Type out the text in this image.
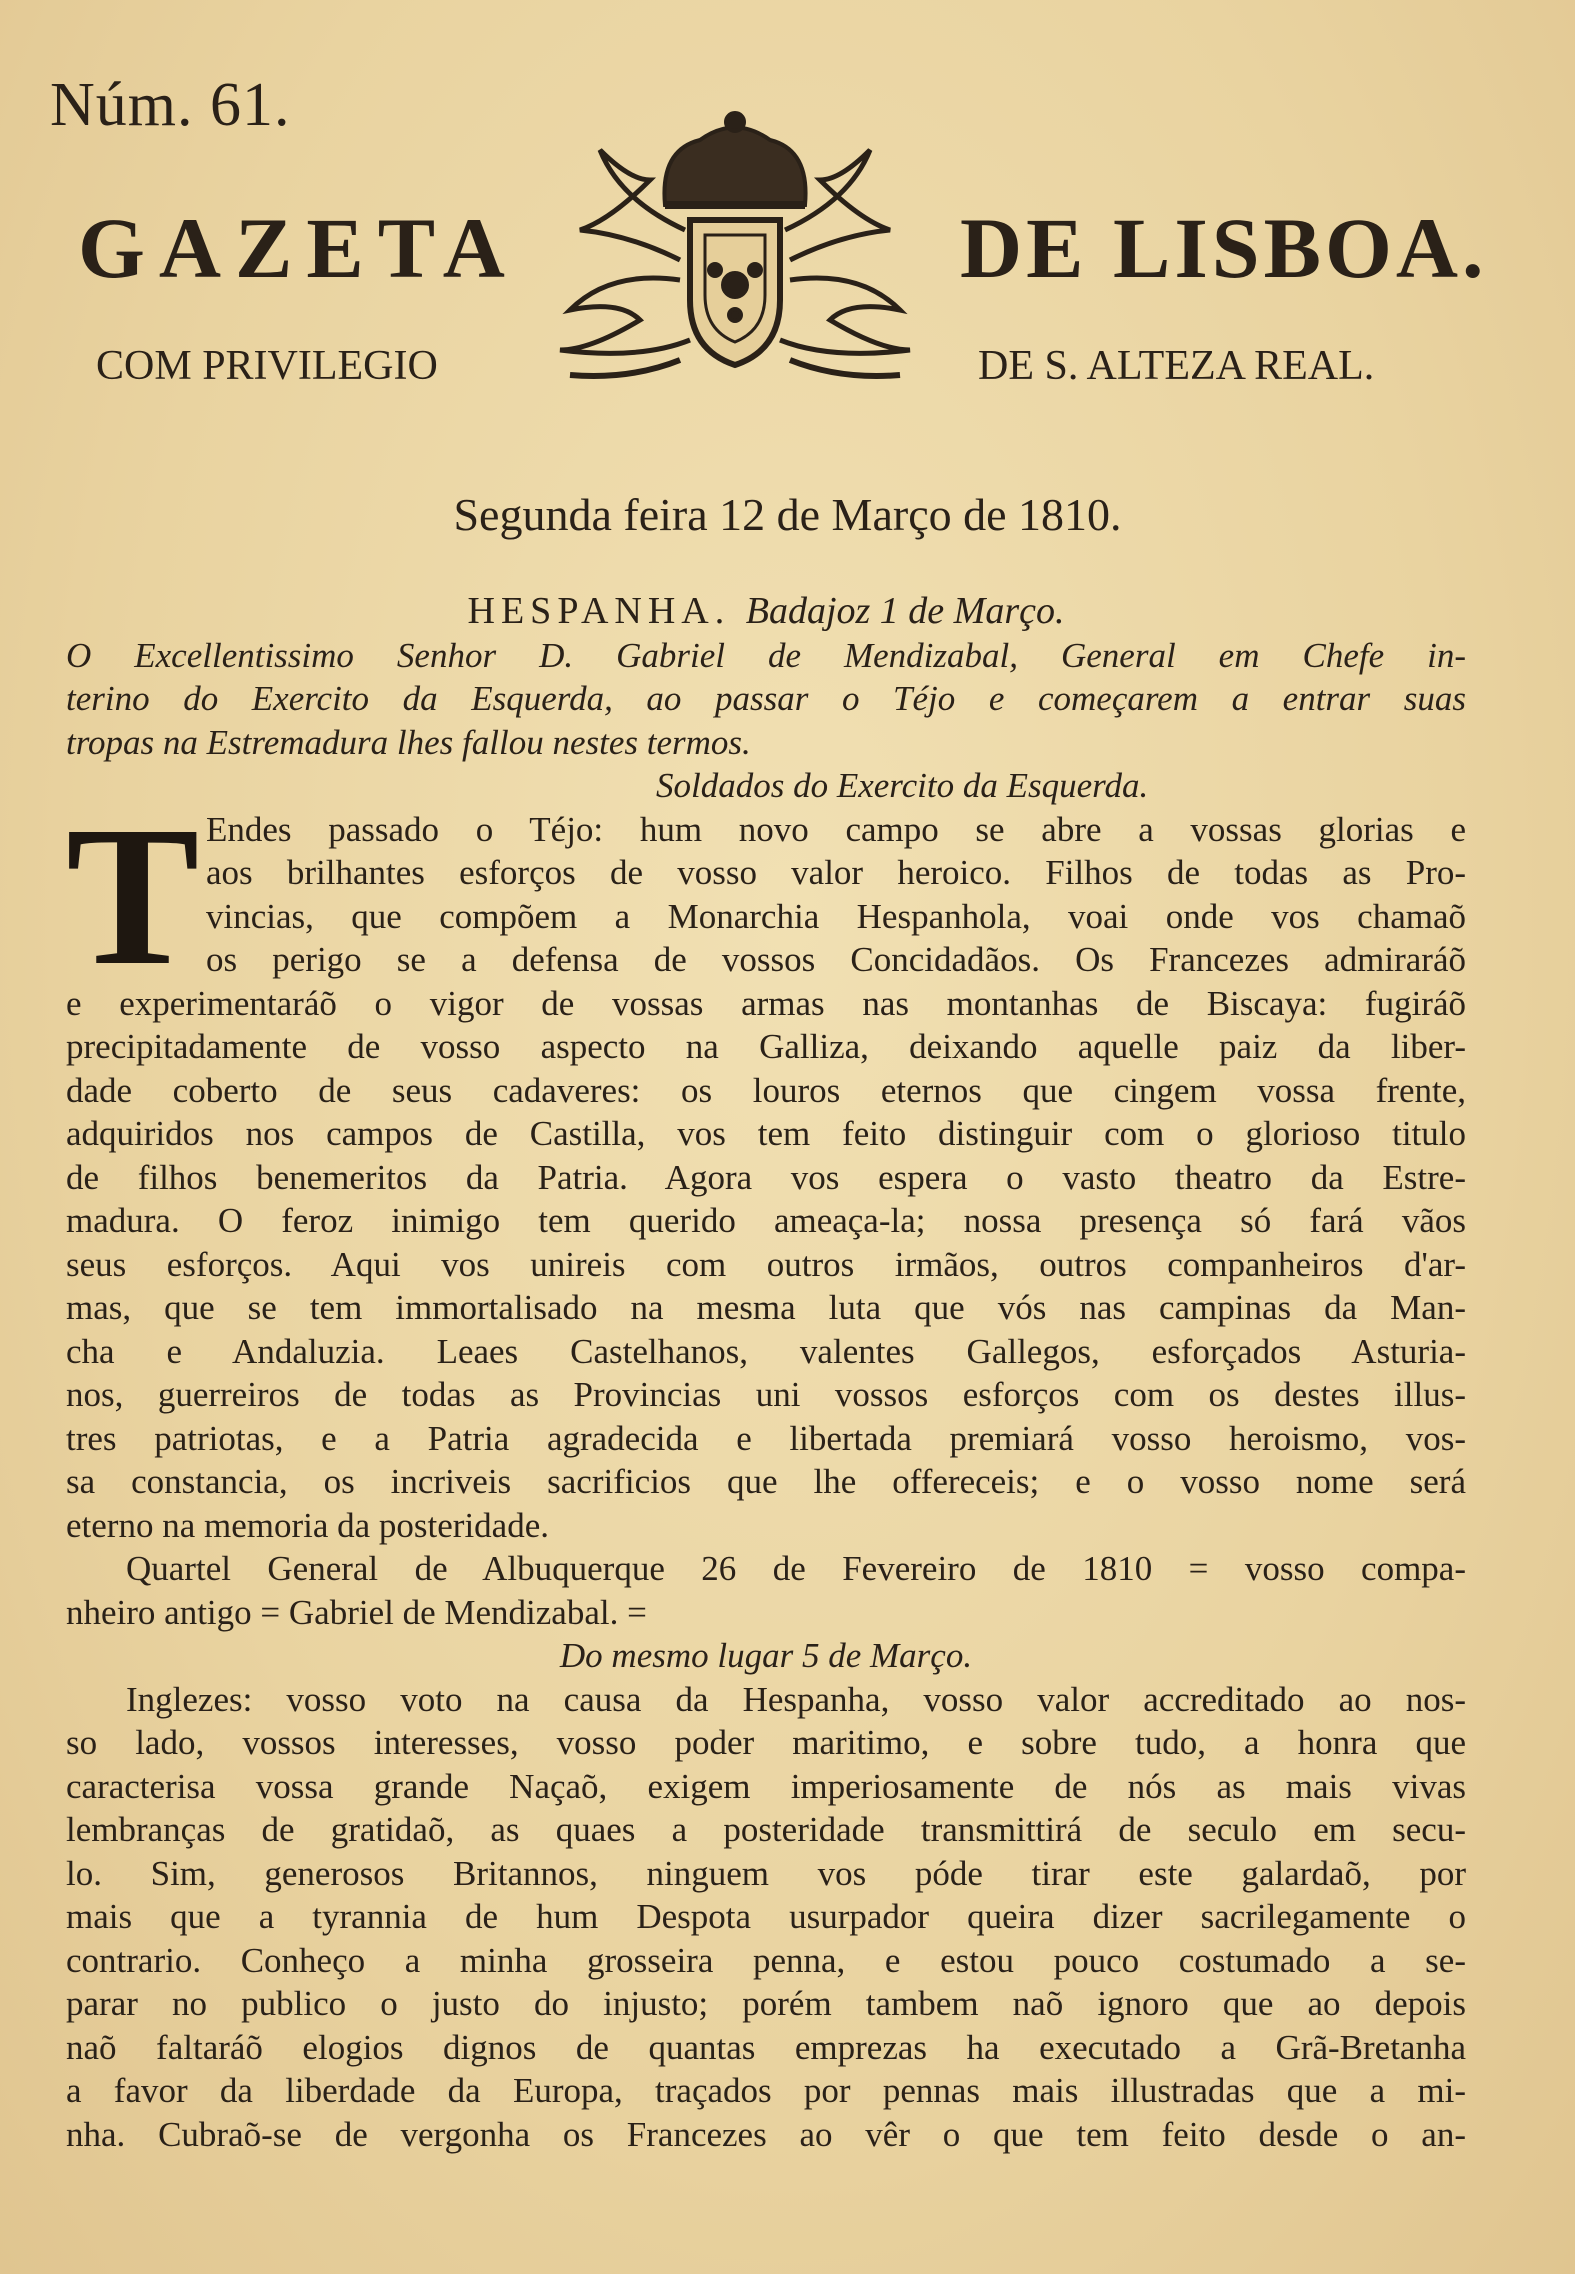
Núm. 61.
GAZETA	DE LISBOA.
COM PRIVILEGIO	DE S. ALTEZA REAL.
Segunda feira 12 de Março de 1810.
HESPANHA. Badajoz 1 de Março.
O Excellentissimo Senhor D. Gabriel de Mendizabal, General em Chefe in-
terino do Exercito da Esquerda, ao passar o Téjo e começarem a entrar suas
tropas na Estremadura lhes fallou nestes termos.
Soldados do Exercito da Esquerda.
T Endes passado o Téjo: hum novo campo se abre a vossas glorias e
aos brilhantes esforços de vosso valor heroico. Filhos de todas as Pro-
vincias, que compõem a Monarchia Hespanhola, voai onde vos chamaõ
os perigo se a defensa de vossos Concidadãos. Os Francezes admiraráõ
e experimentaráõ o vigor de vossas armas nas montanhas de Biscaya: fugiráõ
precipitadamente de vosso aspecto na Galliza, deixando aquelle paiz da liber-
dade coberto de seus cadaveres: os louros eternos que cingem vossa frente,
adquiridos nos campos de Castilla, vos tem feito distinguir com o glorioso titulo
de filhos benemeritos da Patria. Agora vos espera o vasto theatro da Estre-
madura. O feroz inimigo tem querido ameaça-la; nossa presença só fará vãos
seus esforços. Aqui vos unireis com outros irmãos, outros companheiros d'ar-
mas, que se tem immortalisado na mesma luta que vós nas campinas da Man-
cha e Andaluzia. Leaes Castelhanos, valentes Gallegos, esforçados Asturia-
nos, guerreiros de todas as Provincias uni vossos esforços com os destes illus-
tres patriotas, e a Patria agradecida e libertada premiará vosso heroismo, vos-
sa constancia, os incriveis sacrificios que lhe offereceis; e o vosso nome será
eterno na memoria da posteridade.
Quartel General de Albuquerque 26 de Fevereiro de 1810 = vosso compa-
nheiro antigo = Gabriel de Mendizabal. =
Do mesmo lugar 5 de Março.
Inglezes: vosso voto na causa da Hespanha, vosso valor accreditado ao nos-
so lado, vossos interesses, vosso poder maritimo, e sobre tudo, a honra que
caracterisa vossa grande Naçaõ, exigem imperiosamente de nós as mais vivas
lembranças de gratidaõ, as quaes a posteridade transmittirá de seculo em secu-
lo. Sim, generosos Britannos, ninguem vos póde tirar este galardaõ, por
mais que a tyrannia de hum Despota usurpador queira dizer sacrilegamente o
contrario. Conheço a minha grosseira penna, e estou pouco costumado a se-
parar no publico o justo do injusto; porém tambem naõ ignoro que ao depois
naõ faltaráõ elogios dignos de quantas emprezas ha executado a Grã-Bretanha
a favor da liberdade da Europa, traçados por pennas mais illustradas que a mi-
nha. Cubraõ-se de vergonha os Francezes ao vêr o que tem feito desde o an-
